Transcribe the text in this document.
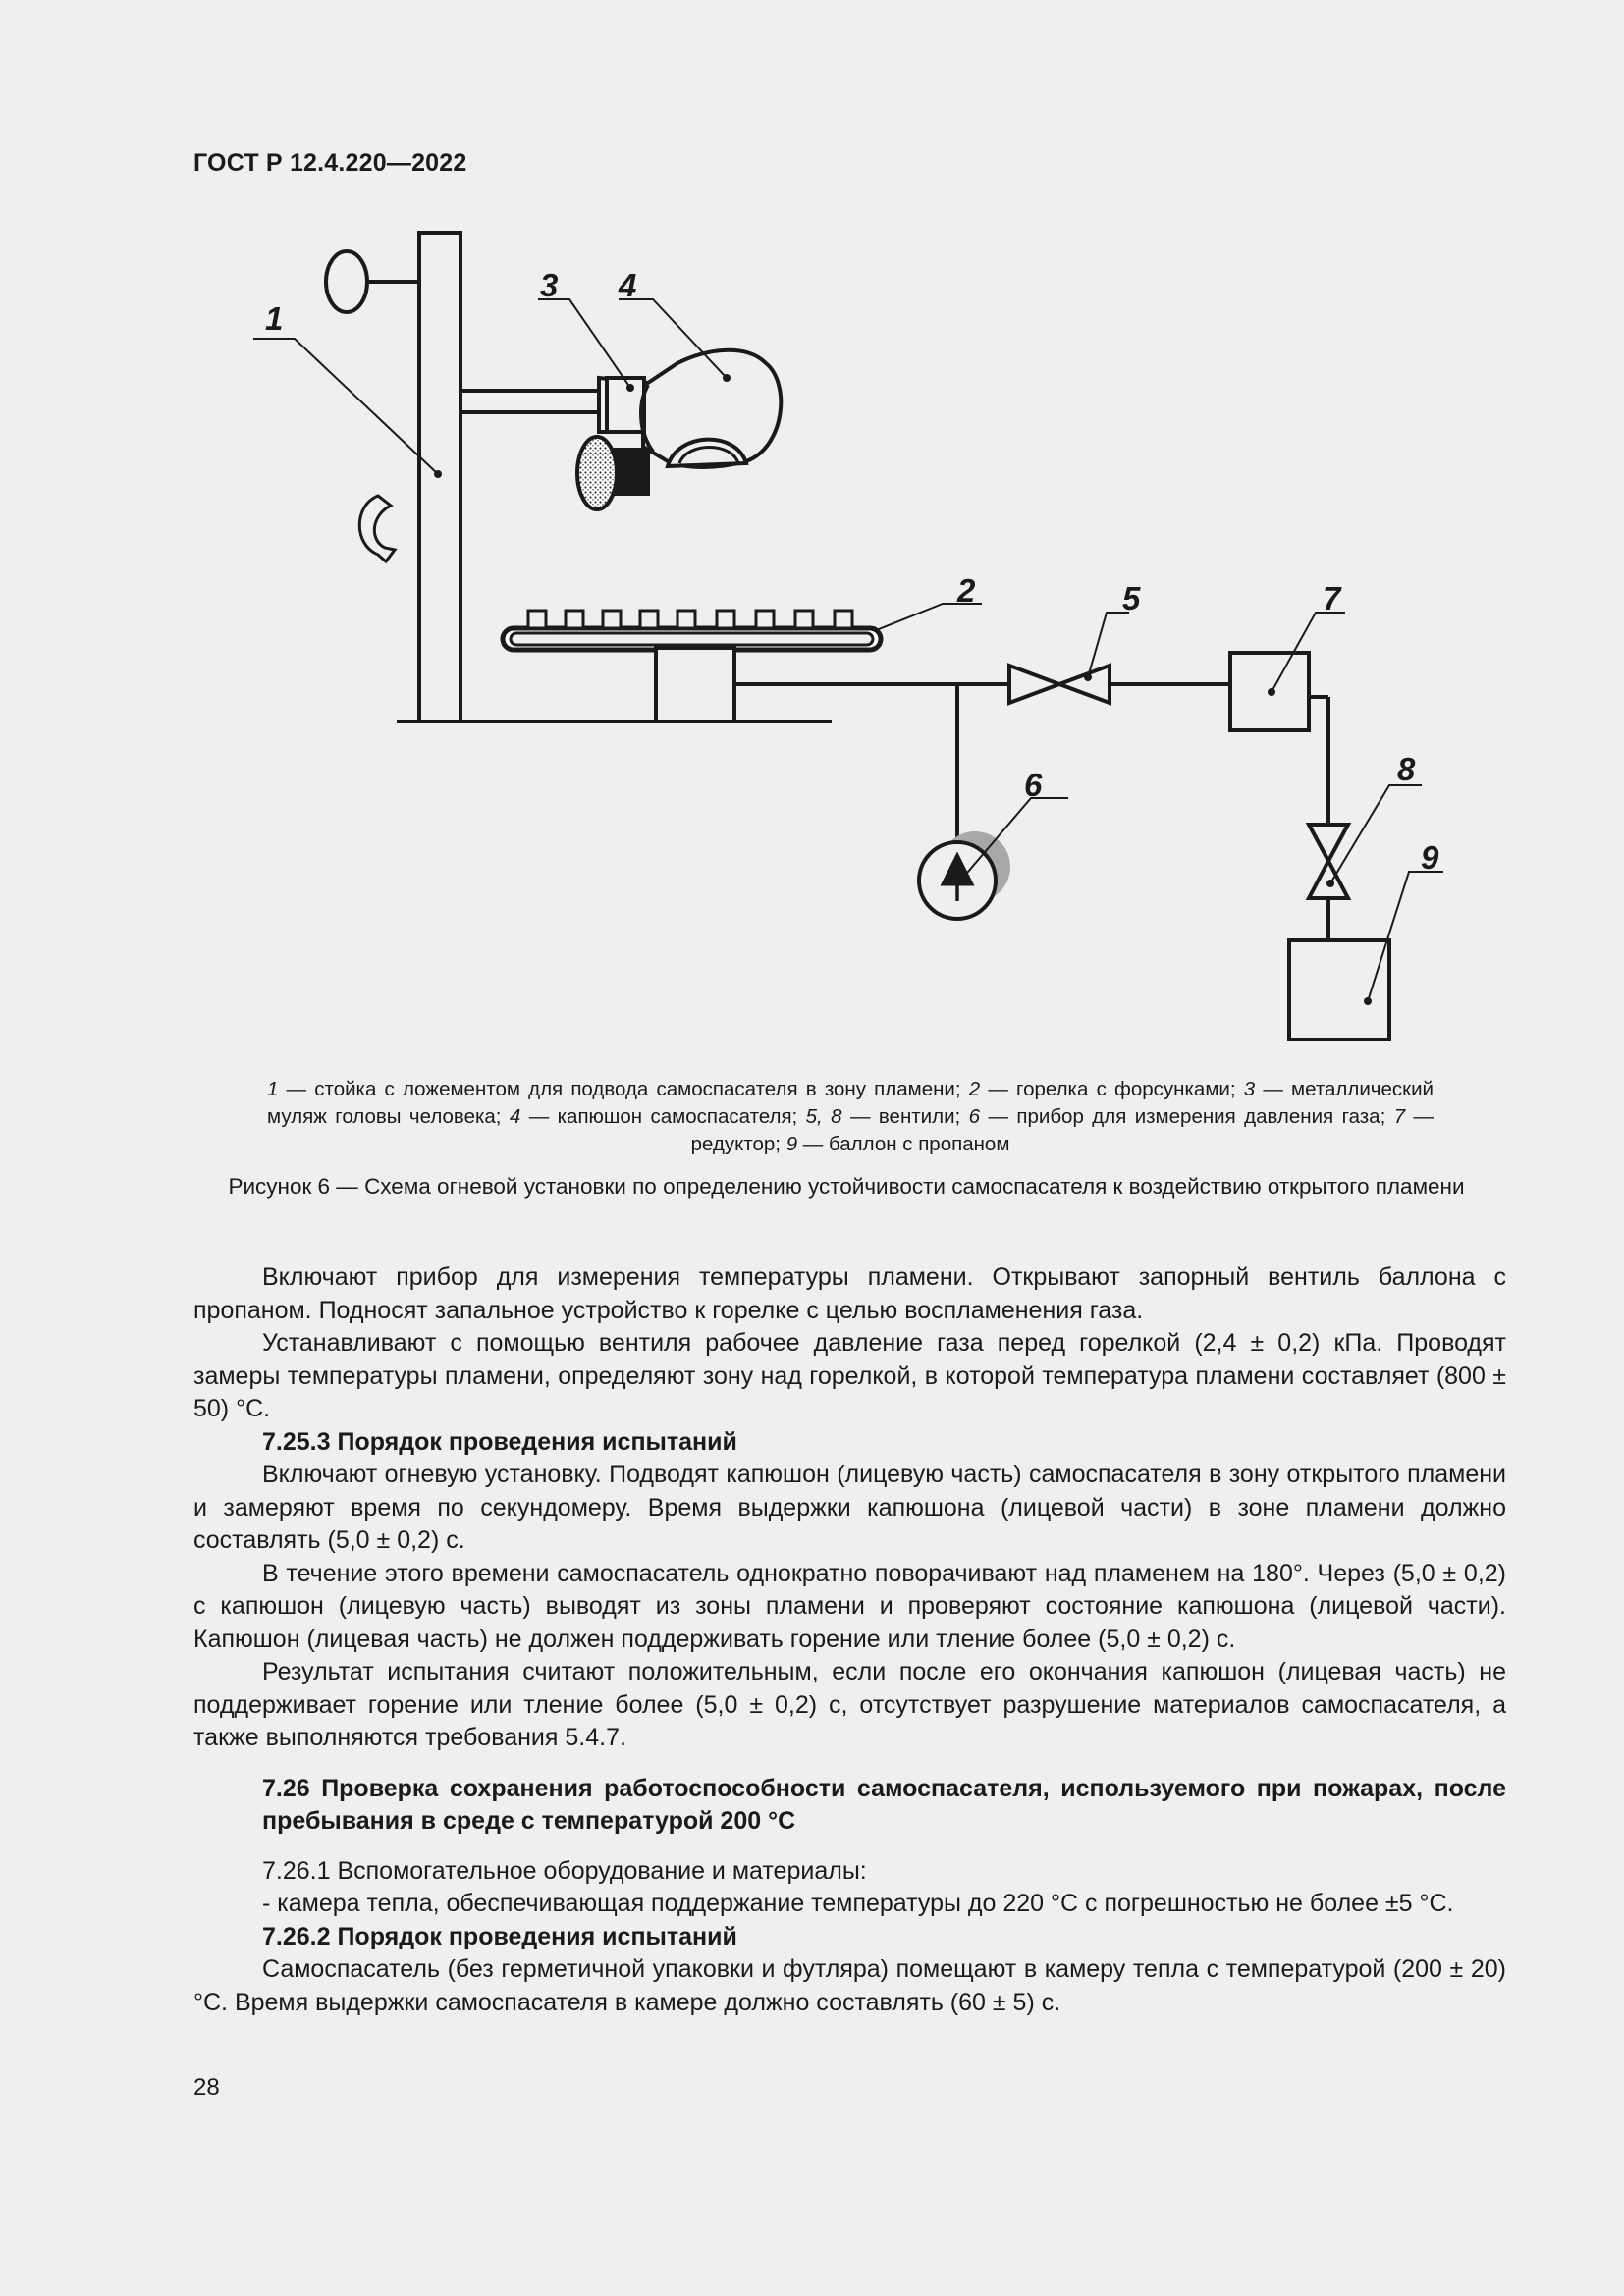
ГОСТ Р 12.4.220—2022
1
2
3 4
5
6
7
8
9
1 — стойка с ложементом для подвода самоспасателя в зону пламени; 2 — горелка с форсунками; 3 — металлический муляж головы человека; 4 — капюшон самоспасателя; 5, 8 — вентили; 6 — прибор для измерения давления газа; 7 — редуктор; 9 — баллон с пропаном
Рисунок 6 — Схема огневой установки по определению устойчивости самоспасателя к воздействию открытого пламени

Включают прибор для измерения температуры пламени. Открывают запорный вентиль баллона с пропаном. Подносят запальное устройство к горелке с целью воспламенения газа.

Устанавливают с помощью вентиля рабочее давление газа перед горелкой (2,4 ± 0,2) кПа. Проводят замеры температуры пламени, определяют зону над горелкой, в которой температура пламени составляет (800 ± 50) °С.

7.25.3 Порядок проведения испытаний

Включают огневую установку. Подводят капюшон (лицевую часть) самоспасателя в зону открытого пламени и замеряют время по секундомеру. Время выдержки капюшона (лицевой части) в зоне пламени должно составлять (5,0 ± 0,2) с.

В течение этого времени самоспасатель однократно поворачивают над пламенем на 180°. Через (5,0 ± 0,2) с капюшон (лицевую часть) выводят из зоны пламени и проверяют состояние капюшона (лицевой части). Капюшон (лицевая часть) не должен поддерживать горение или тление более (5,0 ± 0,2) с.

Результат испытания считают положительным, если после его окончания капюшон (лицевая часть) не поддерживает горение или тление более (5,0 ± 0,2) с, отсутствует разрушение материалов самоспасателя, а также выполняются требования 5.4.7.

7.26 Проверка сохранения работоспособности самоспасателя, используемого при пожарах, после пребывания в среде с температурой 200 °С

7.26.1 Вспомогательное оборудование и материалы:

- камера тепла, обеспечивающая поддержание температуры до 220 °С с погрешностью не более ±5 °С.

7.26.2 Порядок проведения испытаний

Самоспасатель (без герметичной упаковки и футляра) помещают в камеру тепла с температурой (200 ± 20) °С. Время выдержки самоспасателя в камере должно составлять (60 ± 5) с.

28
